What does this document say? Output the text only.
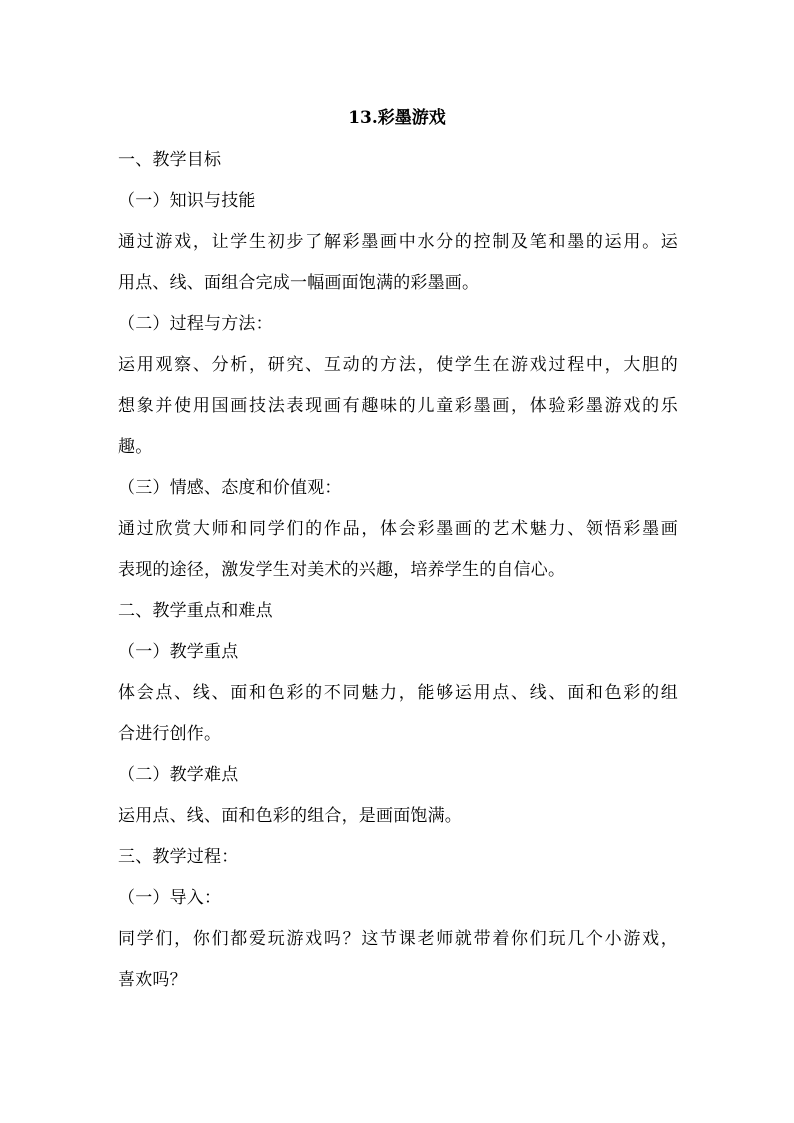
13.彩墨游戏
一、教学目标
（一）知识与技能
通过游戏，让学生初步了解彩墨画中水分的控制及笔和墨的运用。运
用点、线、面组合完成一幅画面饱满的彩墨画。
（二）过程与方法：
运用观察、分析，研究、互动的方法，使学生在游戏过程中，大胆的
想象并使用国画技法表现画有趣味的儿童彩墨画，体验彩墨游戏的乐
趣。
（三）情感、态度和价值观：
通过欣赏大师和同学们的作品，体会彩墨画的艺术魅力、领悟彩墨画
表现的途径，激发学生对美术的兴趣，培养学生的自信心。
二、教学重点和难点
（一）教学重点
体会点、线、面和色彩的不同魅力，能够运用点、线、面和色彩的组
合进行创作。
（二）教学难点
运用点、线、面和色彩的组合，是画面饱满。
三、教学过程：
（一）导入：
同学们，你们都爱玩游戏吗？这节课老师就带着你们玩几个小游戏，
喜欢吗？
